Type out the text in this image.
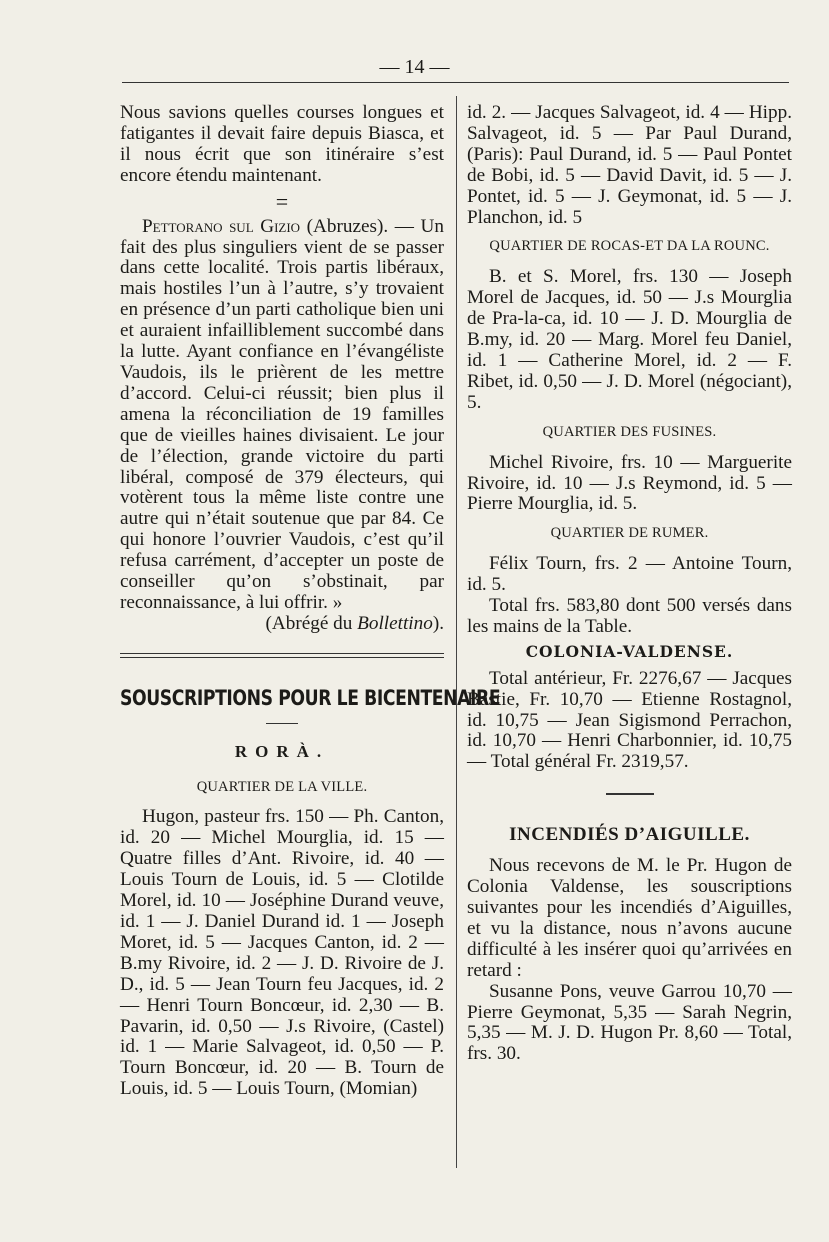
— 14 —

Nous savions quelles courses longues et fatigantes il devait faire depuis Biasca, et il nous écrit que son itinéraire s’est encore étendu maintenant.

=

Pettorano sul Gizio (Abruzes). — Un fait des plus singuliers vient de se passer dans cette localité. Trois partis libéraux, mais hostiles l’un à l’autre, s’y trovaient en présence d’un parti catholique bien uni et auraient infailliblement succombé dans la lutte. Ayant confiance en l’évangéliste Vaudois, ils le prièrent de les mettre d’accord. Celui-ci réussit; bien plus il amena la réconciliation de 19 familles que de vieilles haines divisaient. Le jour de l’élection, grande victoire du parti libéral, composé de 379 électeurs, qui votèrent tous la même liste contre une autre qui n’était soutenue que par 84. Ce qui honore l’ouvrier Vaudois, c’est qu’il refusa carrément, d’accepter un poste de conseiller qu’on s’obstinait, par reconnaissance, à lui offrir. »

(Abrégé du Bollettino).

SOUSCRIPTIONS POUR LE BICENTENAIRE
RORÀ.
QUARTIER DE LA VILLE.

Hugon, pasteur frs. 150 — Ph. Canton, id. 20 — Michel Mourglia, id. 15 — Quatre filles d’Ant. Rivoire, id. 40 — Louis Tourn de Louis, id. 5 — Clotilde Morel, id. 10 — Joséphine Durand veuve, id. 1 — J. Daniel Durand id. 1 — Joseph Moret, id. 5 — Jacques Canton, id. 2 — B.my Rivoire, id. 2 — J. D. Rivoire de J. D., id. 5 — Jean Tourn feu Jacques, id. 2 — Henri Tourn Boncœur, id. 2,30 — B. Pavarin, id. 0,50 — J.s Rivoire, (Castel) id. 1 — Marie Salvageot, id. 0,50 — P. Tourn Boncœur, id. 20 — B. Tourn de Louis, id. 5 — Louis Tourn, (Momian)

id. 2. — Jacques Salvageot, id. 4 — Hipp. Salvageot, id. 5 — Par Paul Durand, (Paris): Paul Durand, id. 5 — Paul Pontet de Bobi, id. 5 — David Davit, id. 5 — J. Pontet, id. 5 — J. Geymonat, id. 5 — J. Planchon, id. 5

QUARTIER DE ROCAS-ET DA LA ROUNC.

B. et S. Morel, frs. 130 — Joseph Morel de Jacques, id. 50 — J.s Mourglia de Pra-la-ca, id. 10 — J. D. Mourglia de B.my, id. 20 — Marg. Morel feu Daniel, id. 1 — Catherine Morel, id. 2 — F. Ribet, id. 0,50 — J. D. Morel (négociant), 5.

QUARTIER DES FUSINES.

Michel Rivoire, frs. 10 — Marguerite Rivoire, id. 10 — J.s Reymond, id. 5 — Pierre Mourglia, id. 5.

QUARTIER DE RUMER.

Félix Tourn, frs. 2 — Antoine Tourn, id. 5.

Total frs. 583,80 dont 500 versés dans les mains de la Table.

COLONIA-VALDENSE.

Total antérieur, Fr. 2276,67 — Jacques Bastie, Fr. 10,70 — Etienne Rostagnol, id. 10,75 — Jean Sigismond Perrachon, id. 10,70 — Henri Charbonnier, id. 10,75 — Total général Fr. 2319,57.

INCENDIÉS D’AIGUILLE.

Nous recevons de M. le Pr. Hugon de Colonia Valdense, les souscriptions suivantes pour les incendiés d’Aiguilles, et vu la distance, nous n’avons aucune difficulté à les insérer quoi qu’arrivées en retard :

Susanne Pons, veuve Garrou 10,70 — Pierre Geymonat, 5,35 — Sarah Negrin, 5,35 — M. J. D. Hugon Pr. 8,60 — Total, frs. 30.
